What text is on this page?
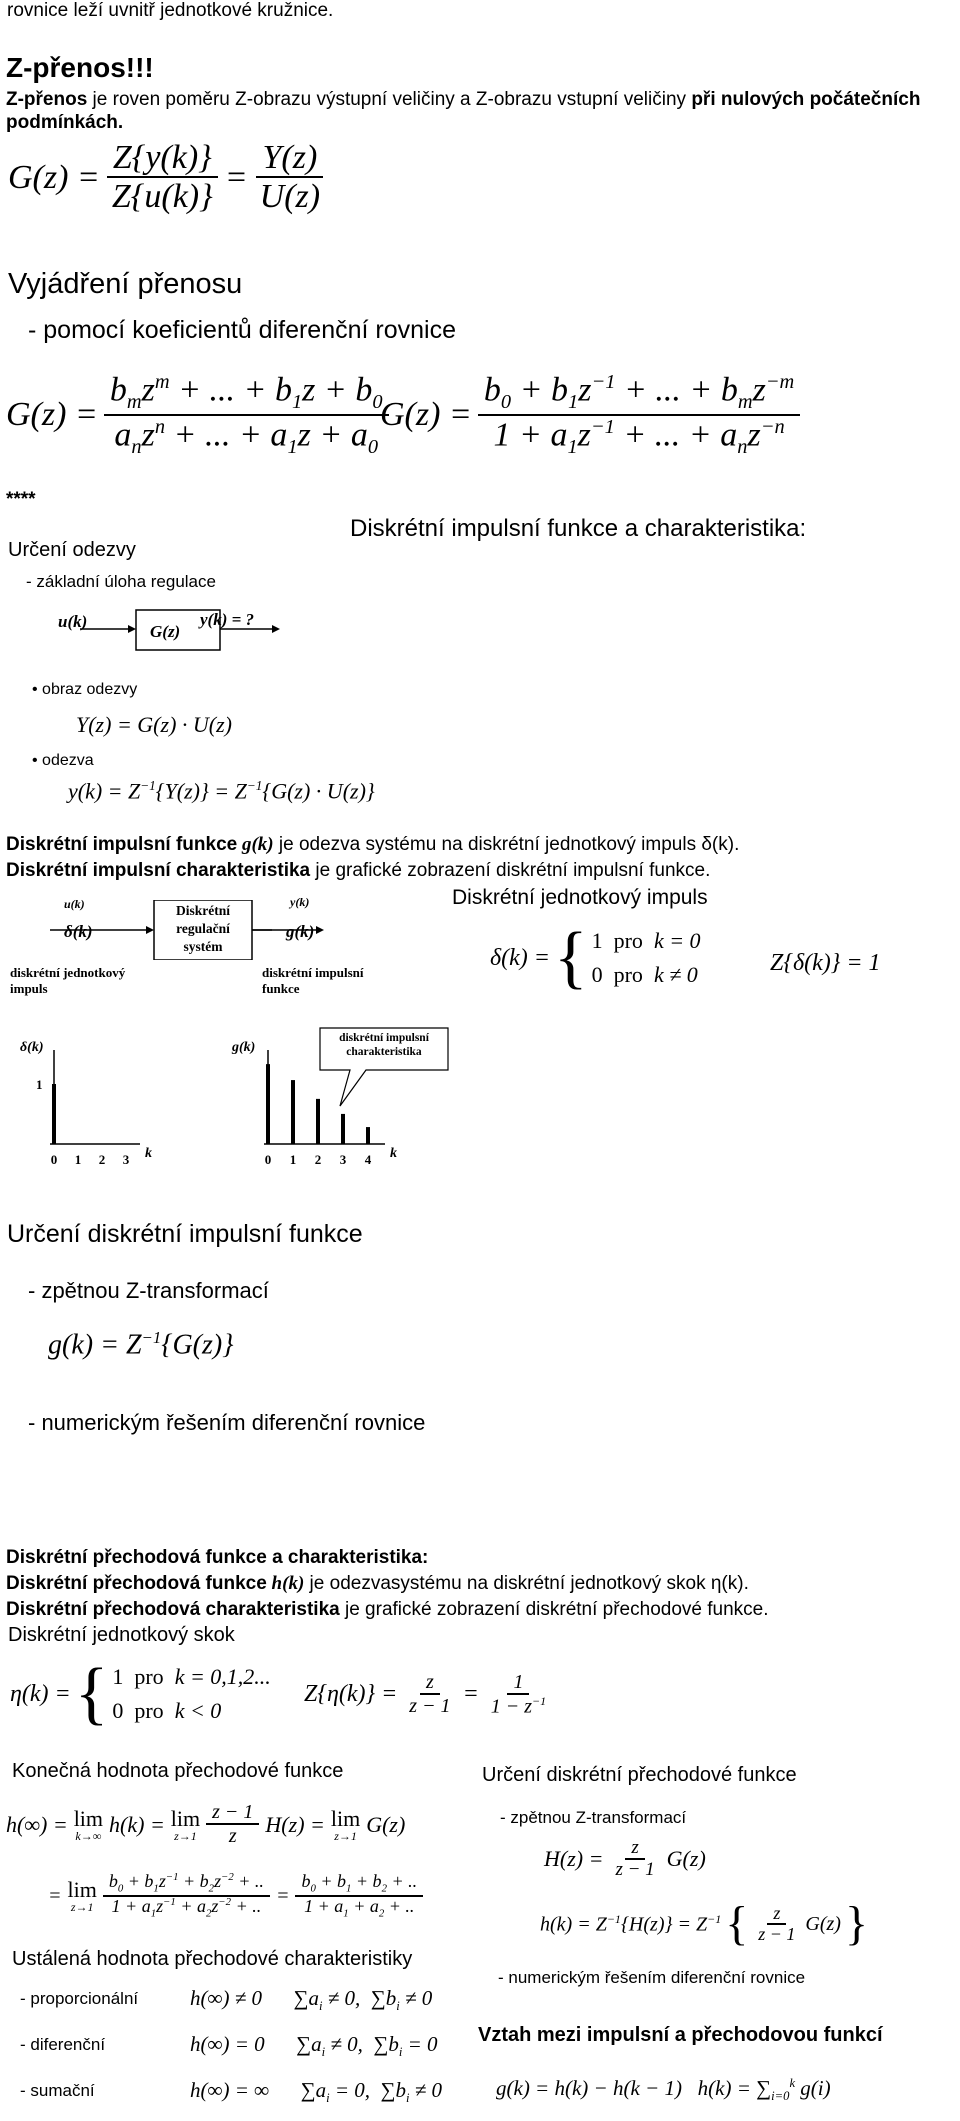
rovnice leží uvnitř jednotkové kružnice.

Z-přenos!!!

Z-přenos je roven poměru Z-obrazu výstupní veličiny a Z-obrazu vstupní veličiny při nulových počátečních podmínkách.

$G(z) = \frac{Z\{y(k)\}}{Z\{u(k)\}} = \frac{Y(z)}{U(z)}$

Vyjádření přenosu

- pomocí koeficientů diferenční rovnice

$G(z) = \frac{b_mz^m + ... + b_1z + b_0}{a_nz^n + ... + a_1z + a_0}$
$G(z) = \frac{b_0 + b_1z^{-1} + ... + b_mz^{-m}}{1 + a_1z^{-1} + ... + a_nz^{-n}}$

****

Diskrétní impulsní funkce a charakteristika:

Určení odezvy

- základní úloha regulace

u(k)
G(z)
y(k) = ?

• obraz odezvy

Y(z) = G(z) · U(z)

• odezva

$y(k) = Z^{-1}\{Y(z)\} = Z^{-1}\{G(z) \cdot U(z)\}$

Diskrétní impulsní funkce g(k) je odezva systému na diskrétní jednotkový impuls δ(k).

Diskrétní impulsní charakteristika je grafické zobrazení diskrétní impulsní funkce.

u(k)
δ(k)
diskrétní jednotkový
impuls
Diskrétní
regulační
systém
y(k)
g(k)
diskrétní impulsní
funkce

Diskrétní jednotkový impuls

δ(k) = { 1 pro  k = 0
0 pro  k ≠ 0	Z{δ(k)} = 1

0 1 2 3	0 1 2 3 4
δ(k)
1
g(k)
k	k
diskrétní impulsní
charakteristika

Určení diskrétní impulsní funkce

- zpětnou Z-transformací

$g(k) = Z^{-1}\{G(z)\}$

- numerickým řešením diferenční rovnice

Diskrétní přechodová funkce a charakteristika:

Diskrétní přechodová funkce h(k) je odezvasystému na diskrétní jednotkový skok η(k).

Diskrétní přechodová charakteristika je grafické zobrazení diskrétní přechodové funkce.

Diskrétní jednotkový skok

η(k) = { 1 pro  k = 0,1,2...
0 pro  k < 0
$Z\{\eta(k)\} = \frac{z}{z - 1} = \frac{1}{1 - z^{-1}}$

Konečná hodnota přechodové funkce	Určení diskrétní přechodové funkce

h(∞) = lim
k→∞ h(k) = lim
$z\to 1 \frac{z - 1}{z} H(z) = \lim$
z→1 G(z)
= lim
$z\to 1 \frac{b_0 + b_1z^{-1} + b_2z^{-2} + ..}{1 + a_1z^{-1} + a_2z^{-2} + ..} = \frac{b_0 + b_1 + b_2 + ..}{1 + a_1 + a_2 + ..}$

- zpětnou Z-transformací

$H(z) = \frac{z}{z - 1} G(z)$
$h(k) = Z^{-1}\{H(z)\} = Z^{-1}$ { $\frac{z}{z - 1} G(z)$ }

Ustálená hodnota přechodové charakteristiky

- numerickým řešením diferenční rovnice

- proporcionální h(∞) ≠ 0      $\sum a_i \ne 0$,  $\sum b_i \ne 0$

- diferenční	h(∞) = 0      $\sum a_i \ne 0$,  $\sum b_i = 0$ Vztah mezi impulsní a přechodovou funkcí

- sumační	h(∞) = ∞      $\sum a_i = 0$,  $\sum b_i \ne 0$	g(k) = h(k) − h(k − 1)   $h(k) = \sum_{i=0}^k$ g(i)
